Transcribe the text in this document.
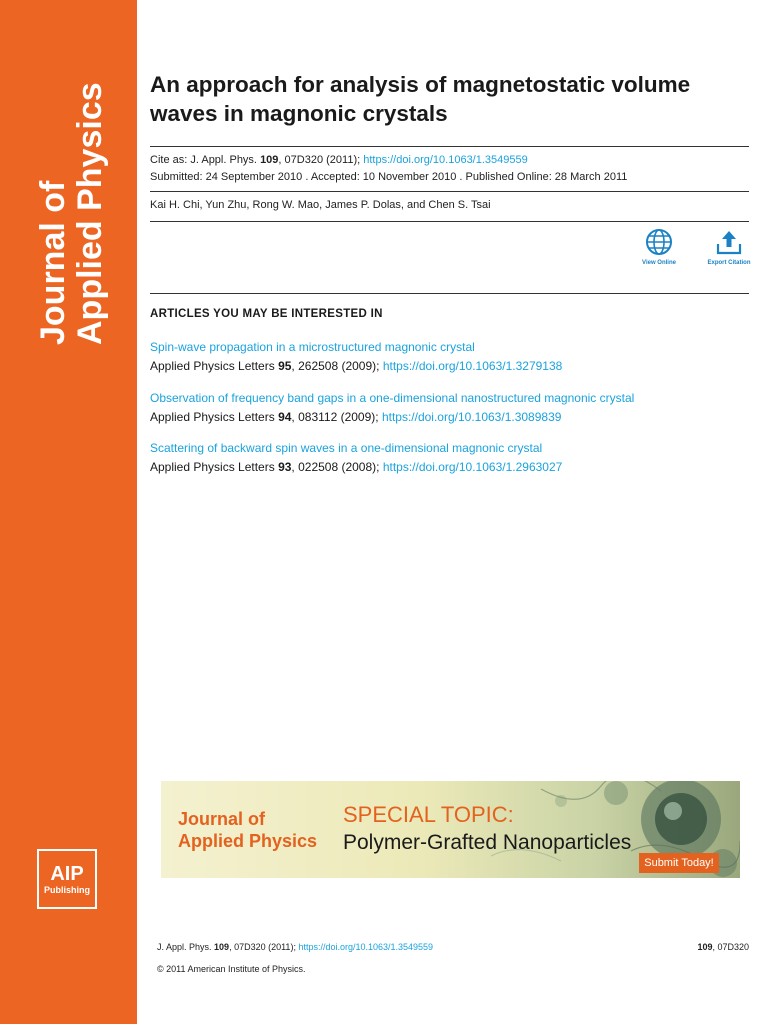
Journal of Applied Physics
AIP
Publishing
An approach for analysis of magnetostatic volume waves in magnonic crystals
Cite as: J. Appl. Phys. 109, 07D320 (2011); https://doi.org/10.1063/1.3549559
Submitted: 24 September 2010 . Accepted: 10 November 2010 . Published Online: 28 March 2011
Kai H. Chi, Yun Zhu, Rong W. Mao, James P. Dolas, and Chen S. Tsai
View Online	Export Citation
ARTICLES YOU MAY BE INTERESTED IN
Spin-wave propagation in a microstructured magnonic crystal
Applied Physics Letters 95, 262508 (2009); https://doi.org/10.1063/1.3279138
Observation of frequency band gaps in a one-dimensional nanostructured magnonic crystal
Applied Physics Letters 94, 083112 (2009); https://doi.org/10.1063/1.3089839
Scattering of backward spin waves in a one-dimensional magnonic crystal
Applied Physics Letters 93, 022508 (2008); https://doi.org/10.1063/1.2963027
Journal of
Applied Physics
SPECIAL TOPIC:
Polymer-Grafted Nanoparticles
Submit Today!
J. Appl. Phys. 109, 07D320 (2011); https://doi.org/10.1063/1.3549559	109, 07D320
© 2011 American Institute of Physics.
